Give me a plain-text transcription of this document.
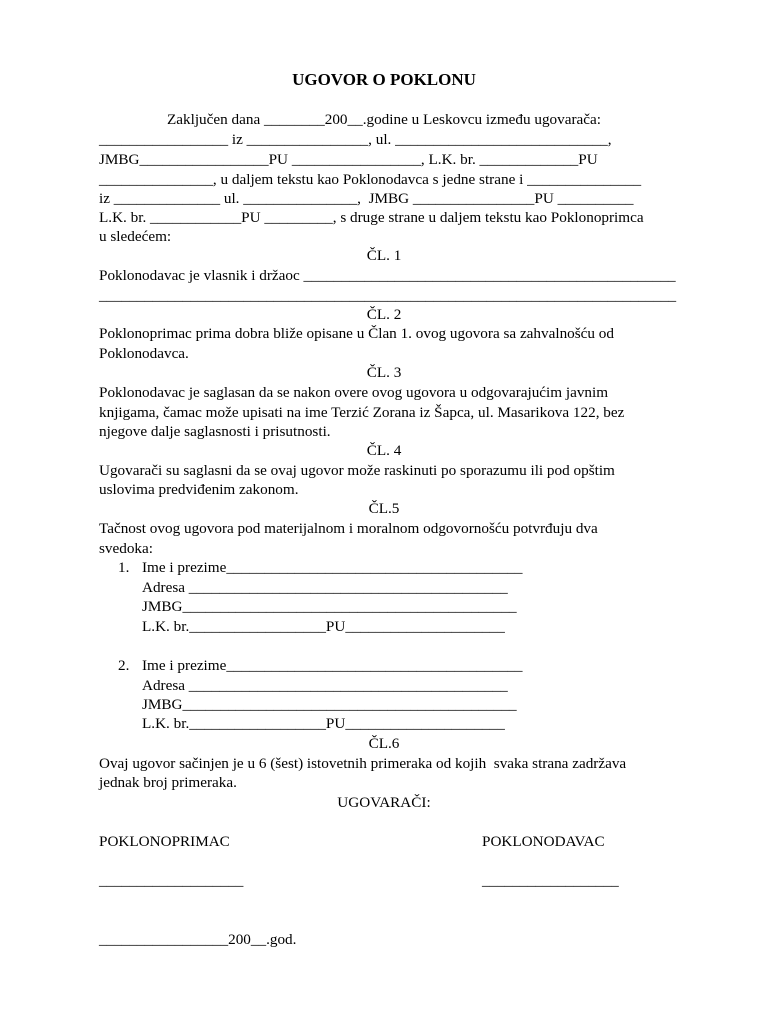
UGOVOR O POKLONU
Zaključen dana ________200__.godine u Leskovcu između ugovarača:
_________________ iz ________________, ul. ____________________________,
JMBG_________________PU _________________, L.K. br. _____________PU
_______________, u daljem tekstu kao Poklonodavca s jedne strane i _______________
iz ______________ ul. _______________,  JMBG ________________PU __________
L.K. br. ____________PU _________, s druge strane u daljem tekstu kao Poklonoprimca
u sledećem:
ČL. 1
Poklonodavac je vlasnik i držaoc _________________________________________________
____________________________________________________________________________
ČL. 2
Poklonoprimac prima dobra bliže opisane u Član 1. ovog ugovora sa zahvalnošću od
Poklonodavca.
ČL. 3
Poklonodavac je saglasan da se nakon overe ovog ugovora u odgovarajućim javnim
knjigama, čamac može upisati na ime Terzić Zorana iz Šapca, ul. Masarikova 122, bez
njegove dalje saglasnosti i prisutnosti.
ČL. 4
Ugovarači su saglasni da se ovaj ugovor može raskinuti po sporazumu ili pod opštim
uslovima predviđenim zakonom.
ČL.5
Tačnost ovog ugovora pod materijalnom i moralnom odgovornošću potvrđuju dva
svedoka:
1. Ime i prezime_______________________________________
Adresa __________________________________________
JMBG____________________________________________
L.K. br.__________________PU_____________________
2. Ime i prezime_______________________________________
Adresa __________________________________________
JMBG____________________________________________
L.K. br.__________________PU_____________________
ČL.6
Ovaj ugovor sačinjen je u 6 (šest) istovetnih primeraka od kojih  svaka strana zadržava
jednak broj primeraka.
UGOVARAČI:
POKLONOPRIMAC	POKLONODAVAC
___________________	__________________
_________________200__.god.
